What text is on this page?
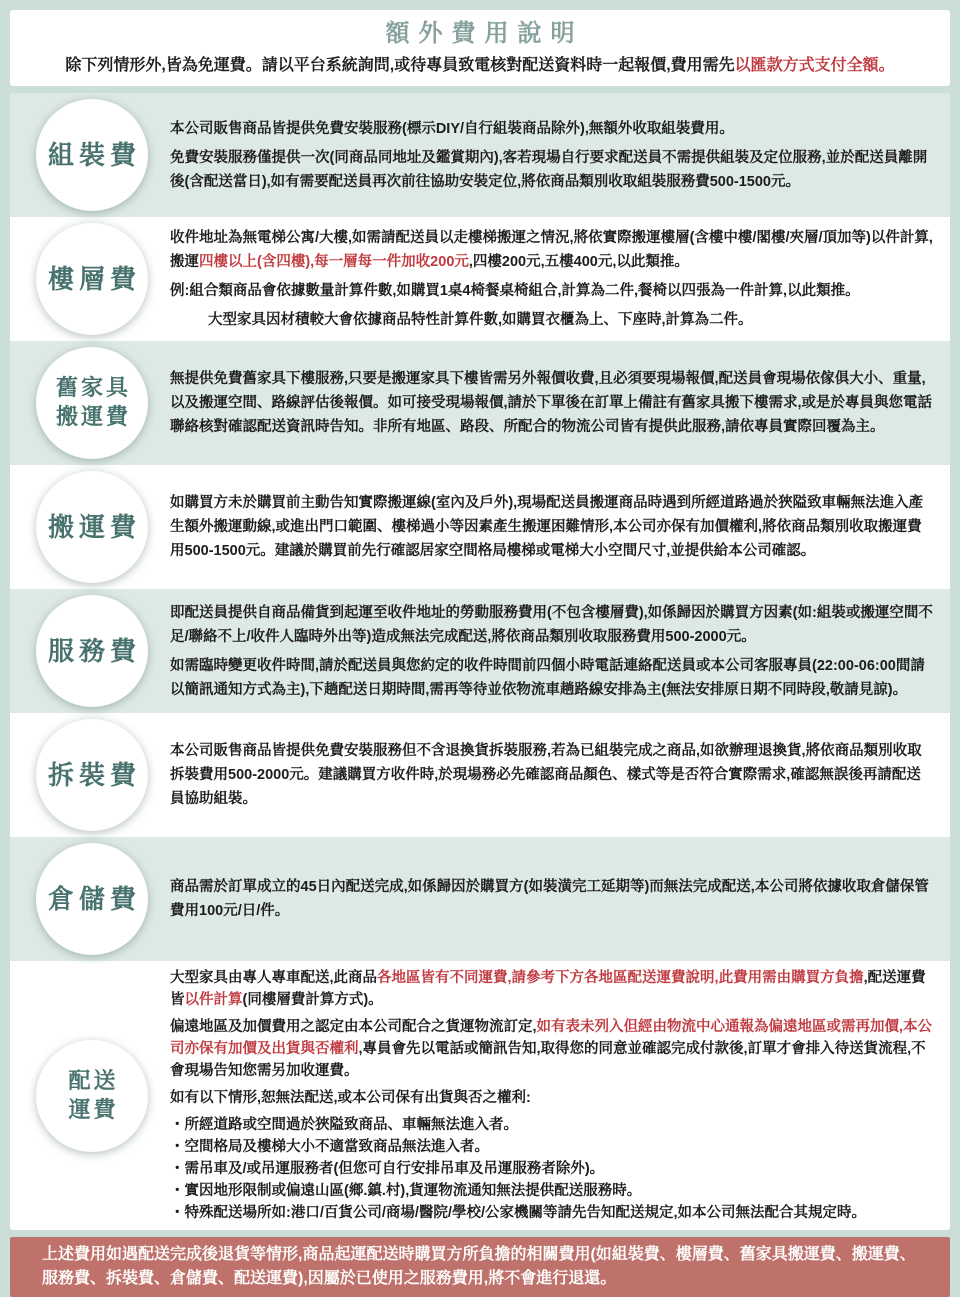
額外費用說明
除下列情形外,皆為免運費。請以平台系統詢問,或待專員致電核對配送資料時一起報價,費用需先以匯款方式支付全額。
組裝費

本公司販售商品皆提供免費安裝服務(標示DIY/自行組裝商品除外),無額外收取組裝費用。

免費安裝服務僅提供一次(同商品同地址及鑑賞期內),客若現場自行要求配送員不需提供組裝及定位服務,並於配送員離開後(含配送當日),如有需要配送員再次前往協助安裝定位,將依商品類別收取組裝服務費500-1500元。

樓層費

收件地址為無電梯公寓/大樓,如需請配送員以走樓梯搬運之情況,將依實際搬運樓層(含樓中樓/閣樓/夾層/頂加等)以件計算,搬運四樓以上(含四樓),每一層每一件加收200元,四樓200元,五樓400元,以此類推。

例:組合類商品會依據數量計算件數,如購買1桌4椅餐桌椅組合,計算為二件,餐椅以四張為一件計算,以此類推。

大型家具因材積較大會依據商品特性計算件數,如購買衣櫃為上、下座時,計算為二件。

舊家具
搬運費

無提供免費舊家具下樓服務,只要是搬運家具下樓皆需另外報價收費,且必須要現場報價,配送員會現場依傢俱大小、重量,以及搬運空間、路線評估後報價。如可接受現場報價,請於下單後在訂單上備註有舊家具搬下樓需求,或是於專員與您電話聯絡核對確認配送資訊時告知。非所有地區、路段、所配合的物流公司皆有提供此服務,請依專員實際回覆為主。

搬運費

如購買方未於購買前主動告知實際搬運線(室內及戶外),現場配送員搬運商品時遇到所經道路過於狹隘致車輛無法進入產生額外搬運動線,或進出門口範圍、樓梯過小等因素產生搬運困難情形,本公司亦保有加價權利,將依商品類別收取搬運費用500-1500元。建議於購買前先行確認居家空間格局樓梯或電梯大小空間尺寸,並提供給本公司確認。

服務費

即配送員提供自商品備貨到起運至收件地址的勞動服務費用(不包含樓層費),如係歸因於購買方因素(如:組裝或搬運空間不足/聯絡不上/收件人臨時外出等)造成無法完成配送,將依商品類別收取服務費用500-2000元。

如需臨時變更收件時間,請於配送員與您約定的收件時間前四個小時電話連絡配送員或本公司客服專員(22:00-06:00間請以簡訊通知方式為主),下趟配送日期時間,需再等待並依物流車趟路線安排為主(無法安排原日期不同時段,敬請見諒)。

拆裝費

本公司販售商品皆提供免費安裝服務但不含退換貨拆裝服務,若為已組裝完成之商品,如欲辦理退換貨,將依商品類別收取拆裝費用500-2000元。建議購買方收件時,於現場務必先確認商品顏色、樣式等是否符合實際需求,確認無誤後再請配送員協助組裝。

倉儲費 商品需於訂單成立的45日內配送完成,如係歸因於購買方(如裝潢完工延期等)而無法完成配送,本公司將依據收取倉儲保管費用100元/日/件。

配送
運費

大型家具由專人專車配送,此商品各地區皆有不同運費,請參考下方各地區配送運費說明,此費用需由購買方負擔,配送運費皆以件計算(同樓層費計算方式)。

偏遠地區及加價費用之認定由本公司配合之貨運物流訂定,如有表未列入但經由物流中心通報為偏遠地區或需再加價,本公司亦保有加價及出貨與否權利,專員會先以電話或簡訊告知,取得您的同意並確認完成付款後,訂單才會排入待送貨流程,不會現場告知您需另加收運費。

如有以下情形,恕無法配送,或本公司保有出貨與否之權利:

・所經道路或空間過於狹隘致商品、車輛無法進入者。

・空間格局及樓梯大小不適當致商品無法進入者。

・需吊車及/或吊運服務者(但您可自行安排吊車及吊運服務者除外)。

・實因地形限制或偏遠山區(鄉.鎮.村),貨運物流通知無法提供配送服務時。

・特殊配送場所如:港口/百貨公司/商場/醫院/學校/公家機關等請先告知配送規定,如本公司無法配合其規定時。

上述費用如遇配送完成後退貨等情形,商品起運配送時購買方所負擔的相關費用(如組裝費、樓層費、舊家具搬運費、搬運費、服務費、拆裝費、倉儲費、配送運費),因屬於已使用之服務費用,將不會進行退還。
